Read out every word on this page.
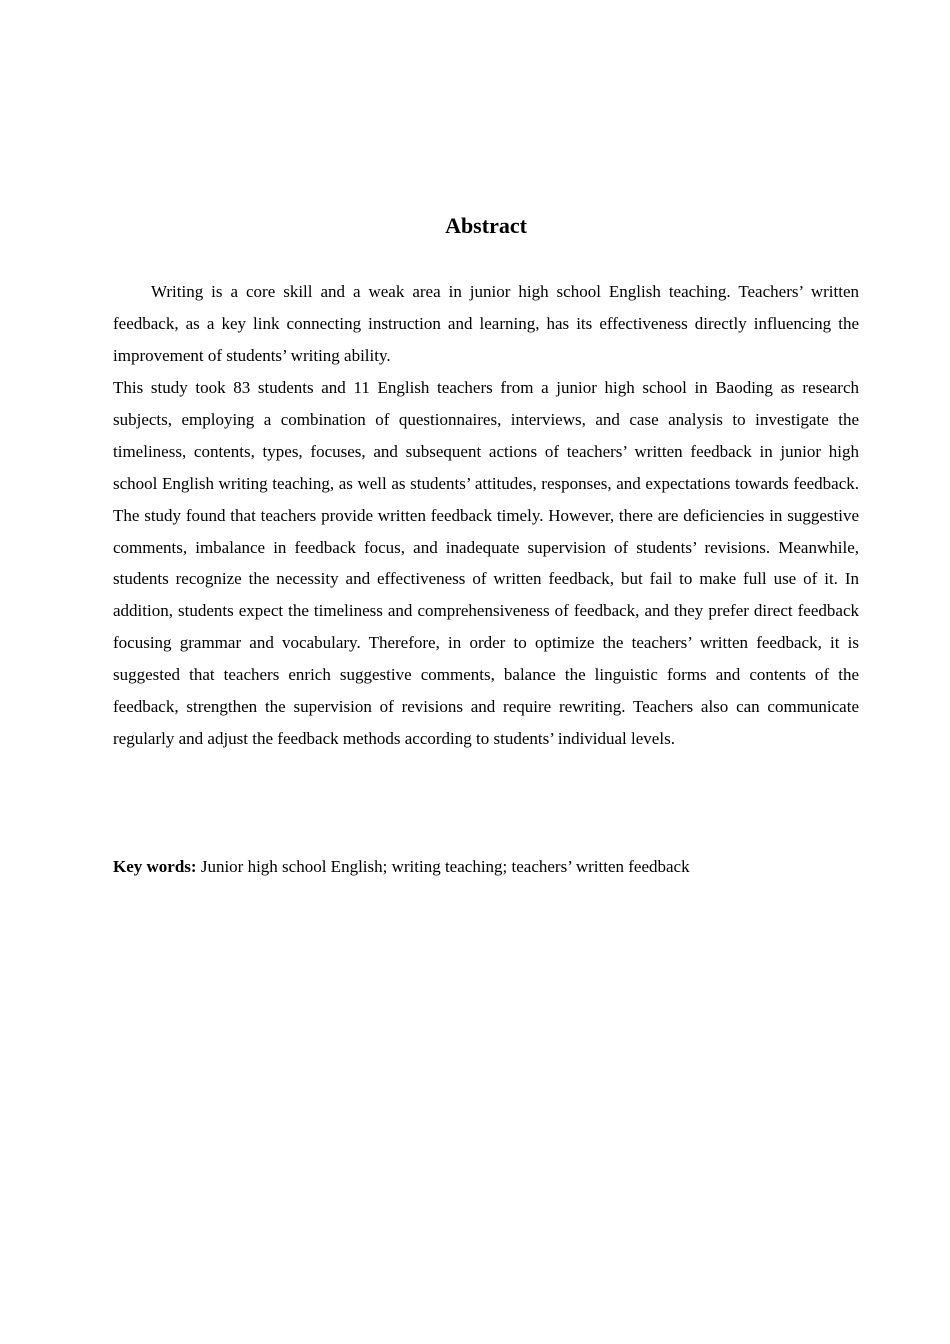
Abstract

Writing is a core skill and a weak area in junior high school English teaching. Teachers’ written feedback, as a key link connecting instruction and learning, has its effectiveness directly influencing the improvement of students’ writing ability.

This study took 83 students and 11 English teachers from a junior high school in Baoding as research subjects, employing a combination of questionnaires, interviews, and case analysis to investigate the timeliness, contents, types, focuses, and subsequent actions of teachers’ written feedback in junior high school English writing teaching, as well as students’ attitudes, responses, and expectations towards feedback. The study found that teachers provide written feedback timely. However, there are deficiencies in suggestive comments, imbalance in feedback focus, and inadequate supervision of students’ revisions. Meanwhile, students recognize the necessity and effectiveness of written feedback, but fail to make full use of it. In addition, students expect the timeliness and comprehensiveness of feedback, and they prefer direct feedback focusing grammar and vocabulary. Therefore, in order to optimize the teachers’ written feedback, it is suggested that teachers enrich suggestive comments, balance the linguistic forms and contents of the feedback, strengthen the supervision of revisions and require rewriting. Teachers also can communicate regularly and adjust the feedback methods according to students’ individual levels.

Key words: Junior high school English; writing teaching; teachers’ written feedback
